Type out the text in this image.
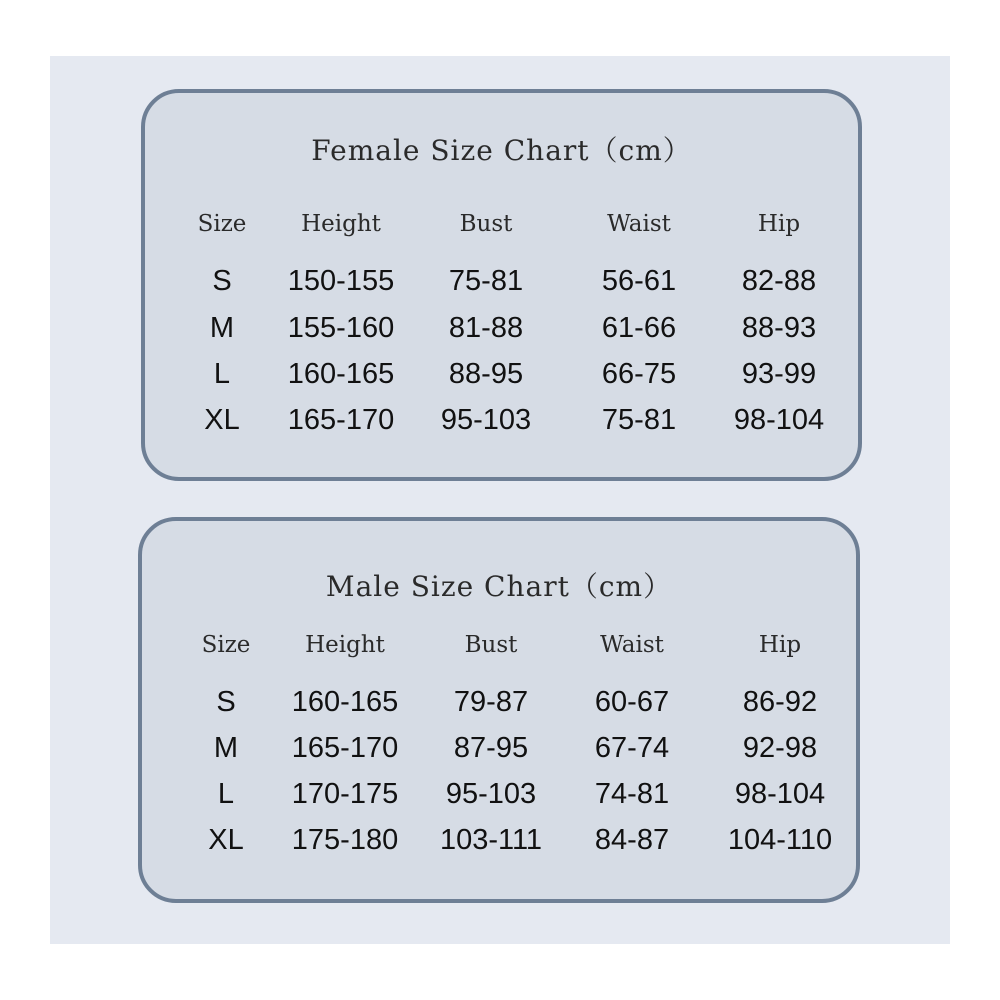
Female Size Chart（cm）
Size Height	Bust	Waist	Hip
S 150-155 75-81	56-61 82-88
M 155-160 81-88	61-66 88-93
L 160-165 88-95	66-75 93-99
XL 165-170 95-103 75-81 98-104
Male Size Chart（cm）
Size Height	Bust	Waist	Hip
S 160-165 79-87 60-67	86-92
M 165-170 87-95 67-74	92-98
L 170-175 95-103 74-81 98-104
XL 175-180 103-111 84-87 104-110
